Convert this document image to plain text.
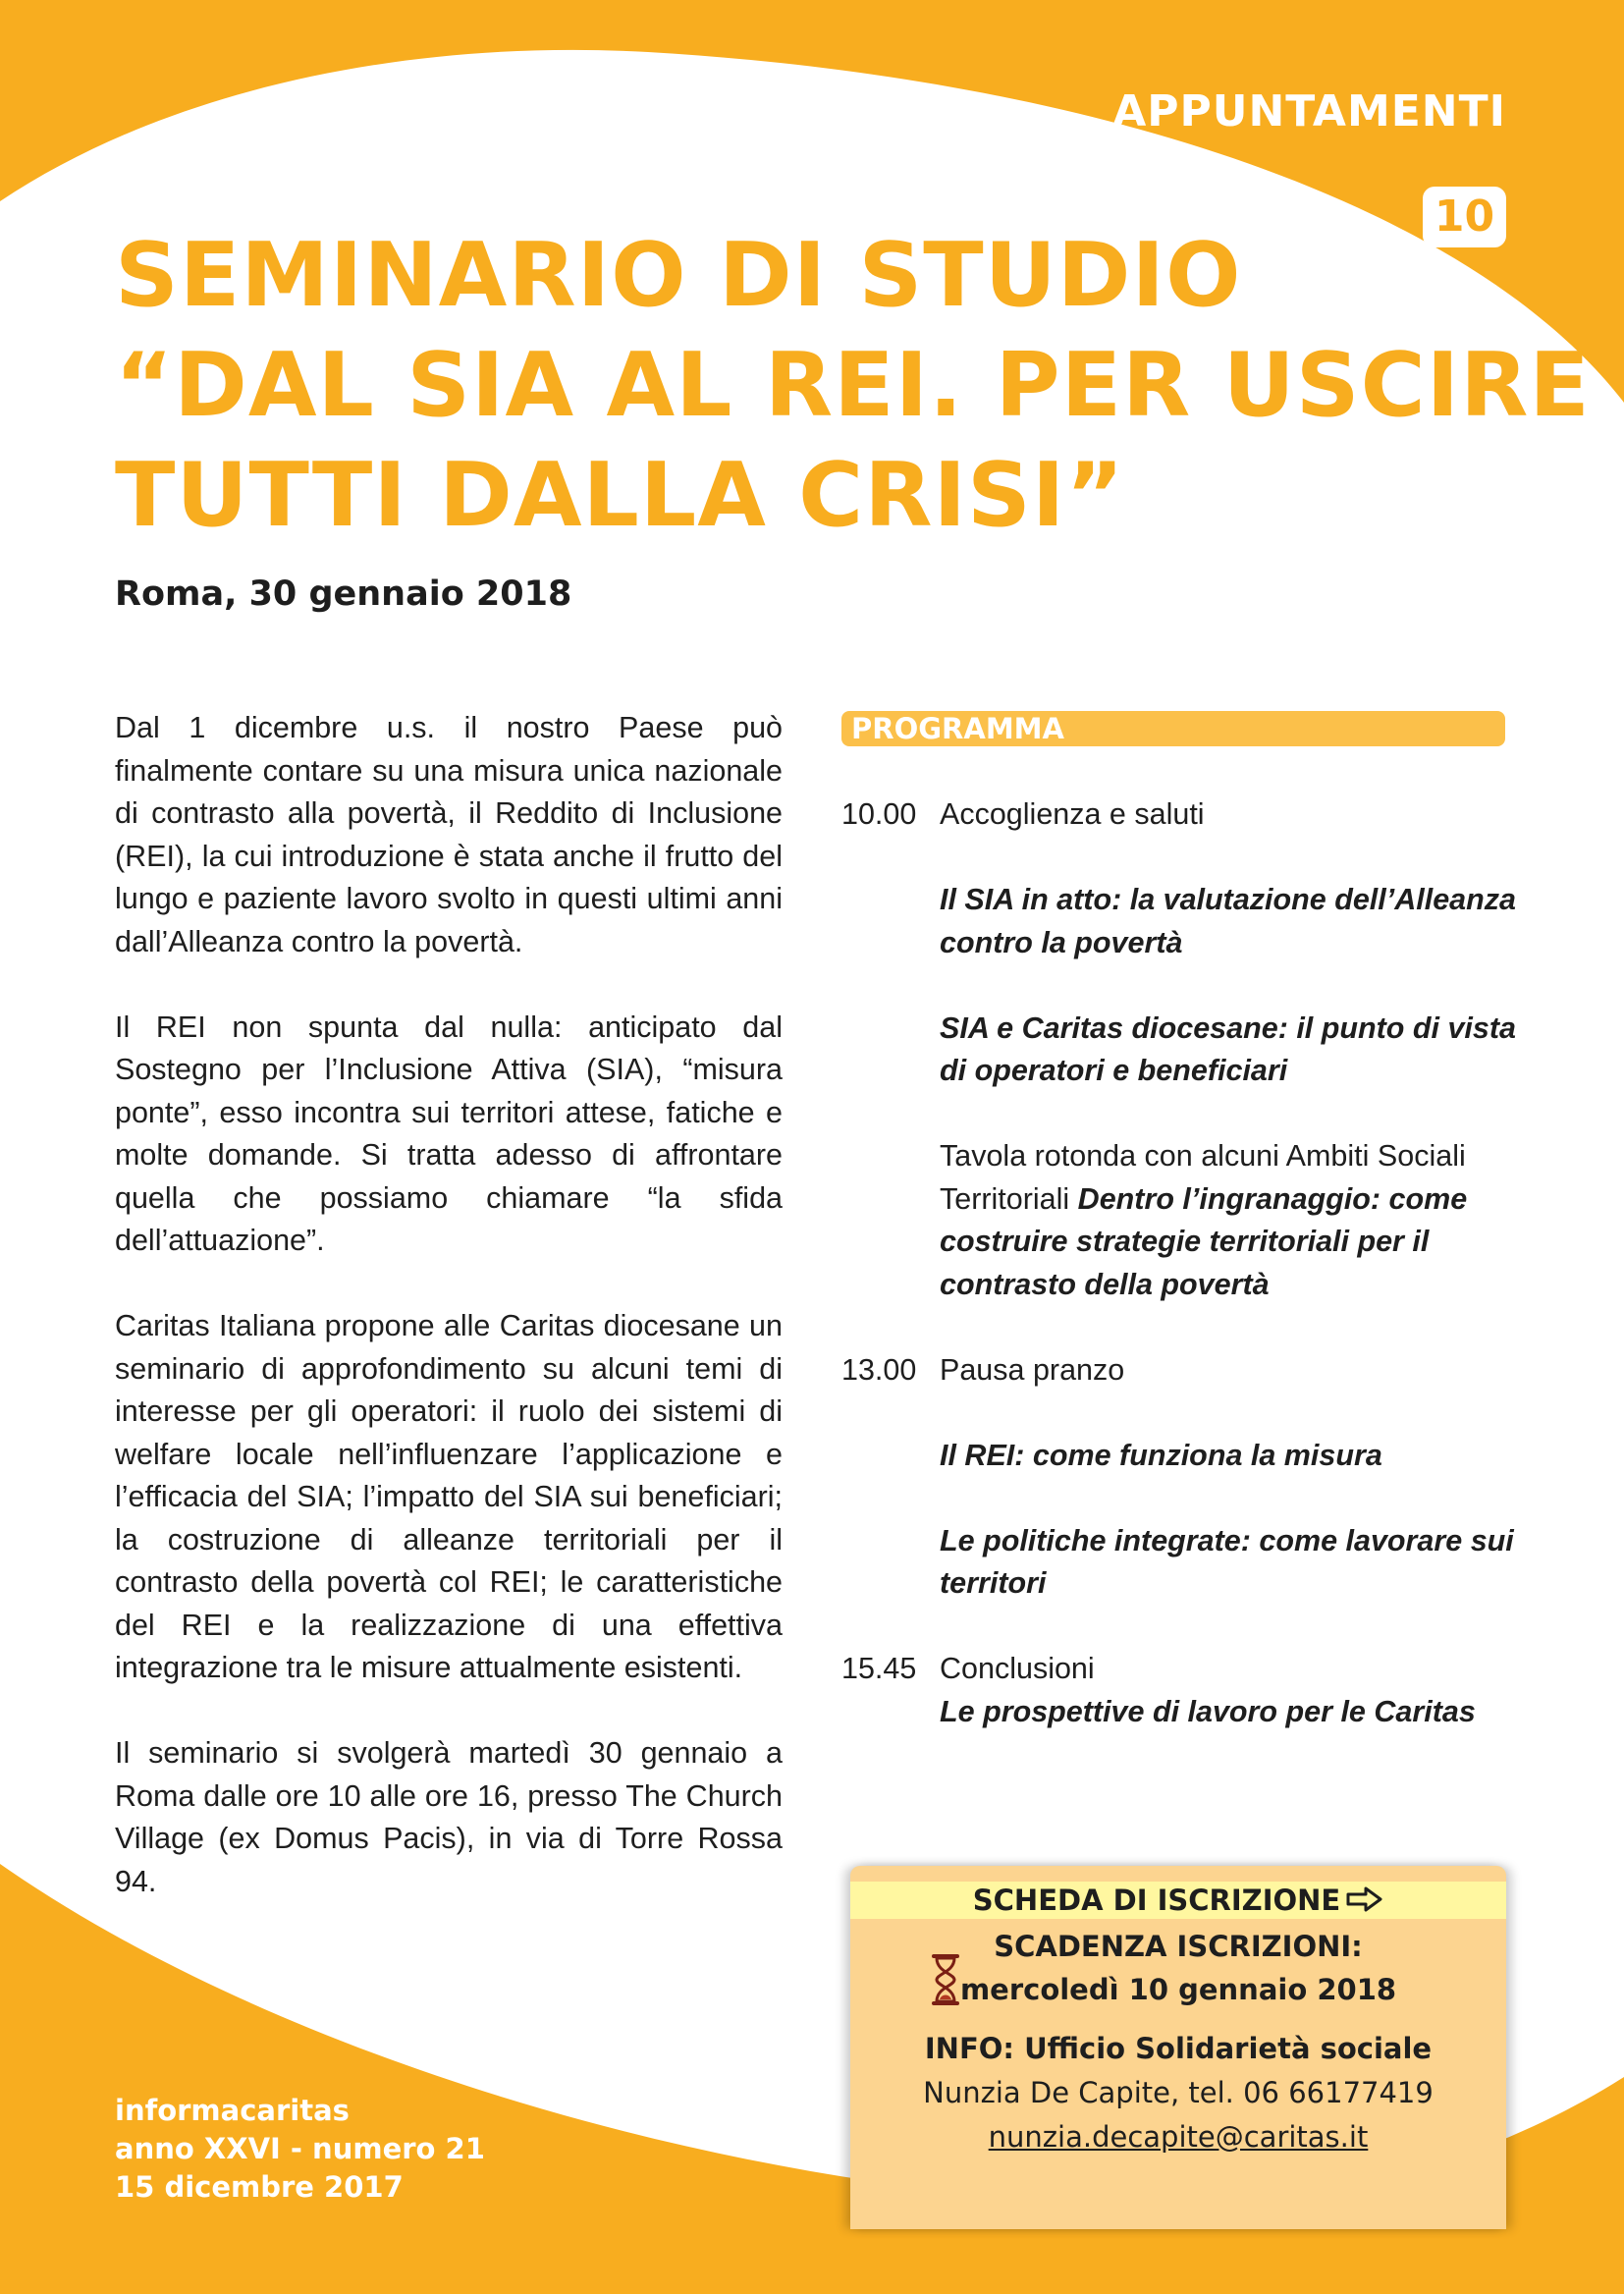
APPUNTAMENTI
10
SEMINARIO DI STUDIO
“DAL SIA AL REI. PER USCIRE
TUTTI DALLA CRISI”
Roma, 30 gennaio 2018

Dal 1 dicembre u.s. il nostro Paese può finalmente contare su una misura unica nazionale di contrasto alla povertà, il Reddito di Inclusione (REI), la cui introduzione è stata anche il frutto del lungo e paziente lavoro svolto in questi ultimi anni dall’Alleanza contro la povertà.

Il REI non spunta dal nulla: anticipato dal Sostegno per l’Inclusione Attiva (SIA), “misura ponte”, esso incontra sui territori attese, fatiche e molte domande. Si tratta adesso di affrontare quella che possiamo chiamare “la sfida dell’attuazione”.

Caritas Italiana propone alle Caritas diocesane un seminario di approfondimento su alcuni temi di interesse per gli operatori: il ruolo dei sistemi di welfare locale nell’influenzare l’applicazione e l’efficacia del SIA; l’impatto del SIA sui beneficiari; la costruzione di alleanze territoriali per il contrasto della povertà col REI; le caratteristiche del REI e la realizzazione di una effettiva integrazione tra le misure attualmente esistenti.

Il seminario si svolgerà martedì 30 gennaio a Roma dalle ore 10 alle ore 16, presso The Church Village (ex Domus Pacis), in via di Torre Rossa 94.

PROGRAMMA
10.00 Accoglienza e saluti
Il SIA in atto: la valutazione dell’Alleanza contro la povertà
SIA e Caritas diocesane: il punto di vista di operatori e beneficiari
Tavola rotonda con alcuni Ambiti Sociali Territoriali Dentro l’ingranaggio: come costruire strategie territoriali per il contrasto della povertà
13.00 Pausa pranzo
Il REI: come funziona la misura
Le politiche integrate: come lavorare sui territori
15.45 Conclusioni
Le prospettive di lavoro per le Caritas
SCHEDA DI ISCRIZIONE
SCADENZA ISCRIZIONI:
mercoledì 10 gennaio 2018
INFO: Ufficio Solidarietà sociale
Nunzia De Capite, tel. 06 66177419
nunzia.decapite@caritas.it
informacaritas
anno XXVI - numero 21
15 dicembre 2017
